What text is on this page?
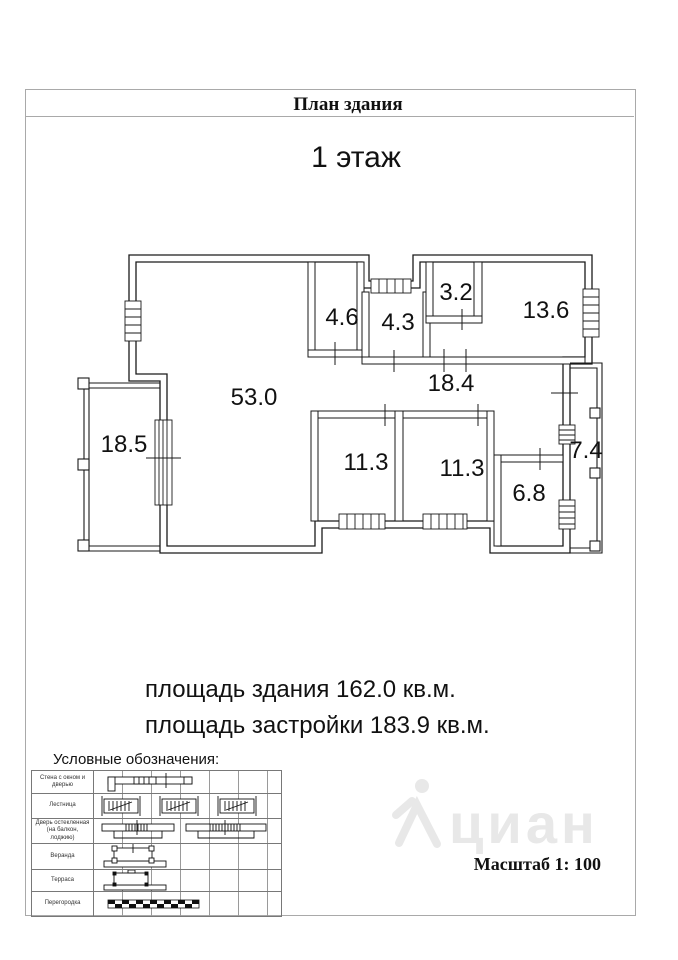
План здания
1 этаж
циан
53.0
18.5
4.6 4.3
3.2
13.6
18.4
11.3 11.3
6.8
7.4
площадь здания 162.0 кв.м.
площадь застройки 183.9 кв.м.
Условные обозначения:
Стена с окном и дверью
Лестница
Дверь остекленная (на балкон, лоджию)
Веранда
Терраса
Перегородка
Масштаб 1: 100
